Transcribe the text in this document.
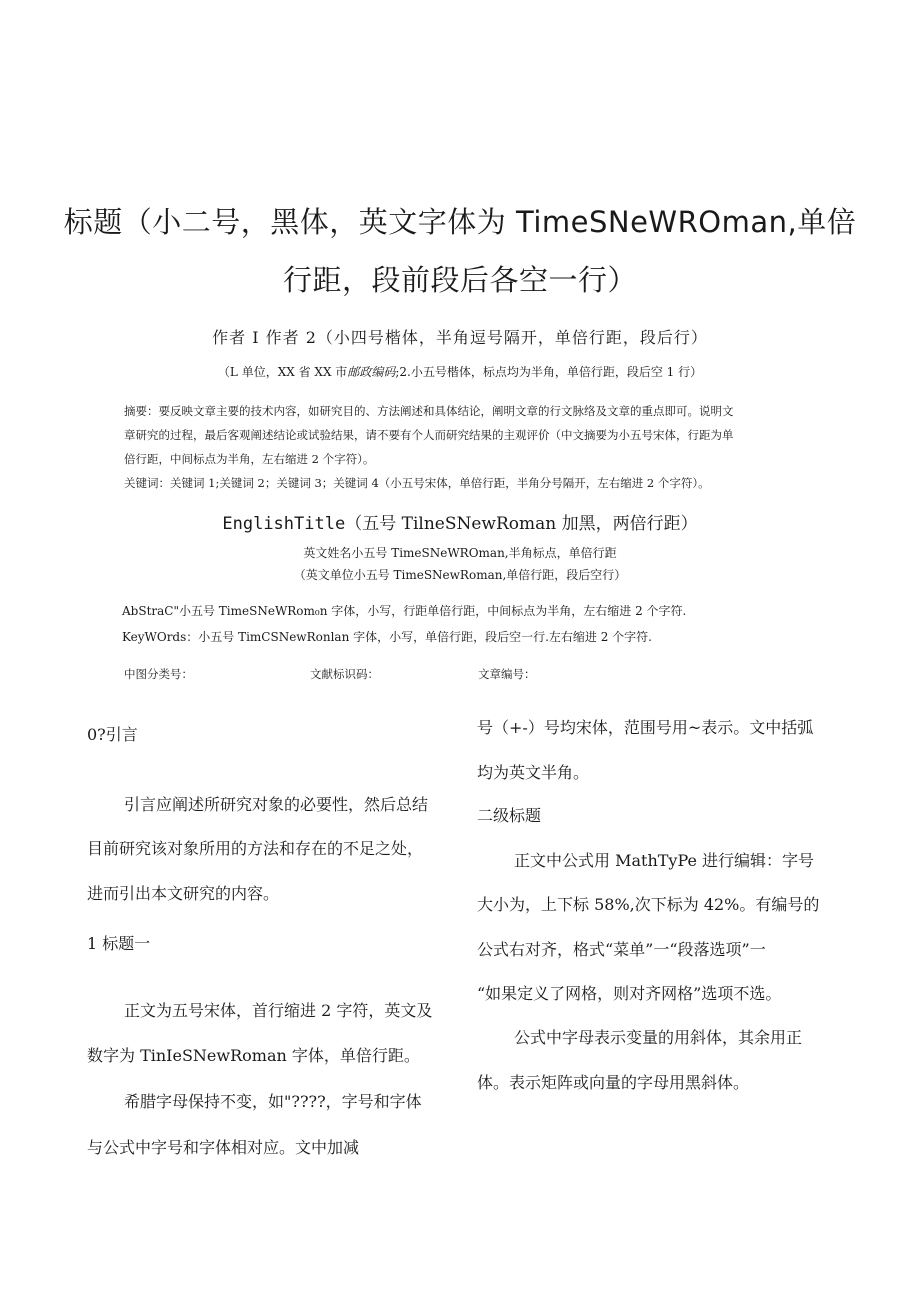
标题（小二号，黑体，英文字体为 TimeSNeWROman,单倍
行距，段前段后各空一行）
作者 I 作者 2（小四号楷体，半角逗号隔开，单倍行距，段后行）
（L 单位，XX 省 XX 市邮政编码;2.小五号楷体，标点均为半角，单倍行距，段后空 1 行）
摘要：要反映文章主要的技术内容，如研究目的、方法阐述和具体结论，阐明文章的行文脉络及文章的重点即可。说明文
章研究的过程，最后客观阐述结论或试验结果，请不要有个人而研究结果的主观评价（中文摘要为小五号宋体，行距为单
倍行距，中间标点为半角，左右缩进 2 个字符）。
关键词：关键词 1;关键词 2；关键词 3；关键词 4（小五号宋体，单倍行距，半角分号隔开，左右缩进 2 个字符）。
EnglishTitle（五号 TilneSNewRoman 加黑，两倍行距）
英文姓名小五号 TimeSNeWROman,半角标点，单倍行距
（英文单位小五号 TimeSNewRoman,单倍行距，段后空行）
AbStraC"小五号 TimeSNeWRom₀n 字体，小写，行距单倍行距，中间标点为半角，左右缩进 2 个字符.
KeyWOrds：小五号 TimCSNewRonlan 字体，小写，单倍行距，段后空一行.左右缩进 2 个字符.
中图分类号：	文献标识码：	文章编号：
0?引言
引言应阐述所研究对象的必要性，然后总结
目前研究该对象所用的方法和存在的不足之处，
进而引出本文研究的内容。
1 标题一
正文为五号宋体，首行缩进 2 字符，英文及
数字为 TinIeSNewRoman 字体，单倍行距。
希腊字母保持不变，如"????，字号和字体
与公式中字号和字体相对应。文中加减
号（+-）号均宋体，范围号用~表示。文中括弧
均为英文半角。
二级标题
正文中公式用 MathTyPe 进行编辑：字号
大小为，上下标 58%,次下标为 42%。有编号的
公式右对齐，格式“菜单”一“段落选项”一
“如果定义了网格，则对齐网格”选项不选。
公式中字母表示变量的用斜体，其余用正
体。表示矩阵或向量的字母用黑斜体。
